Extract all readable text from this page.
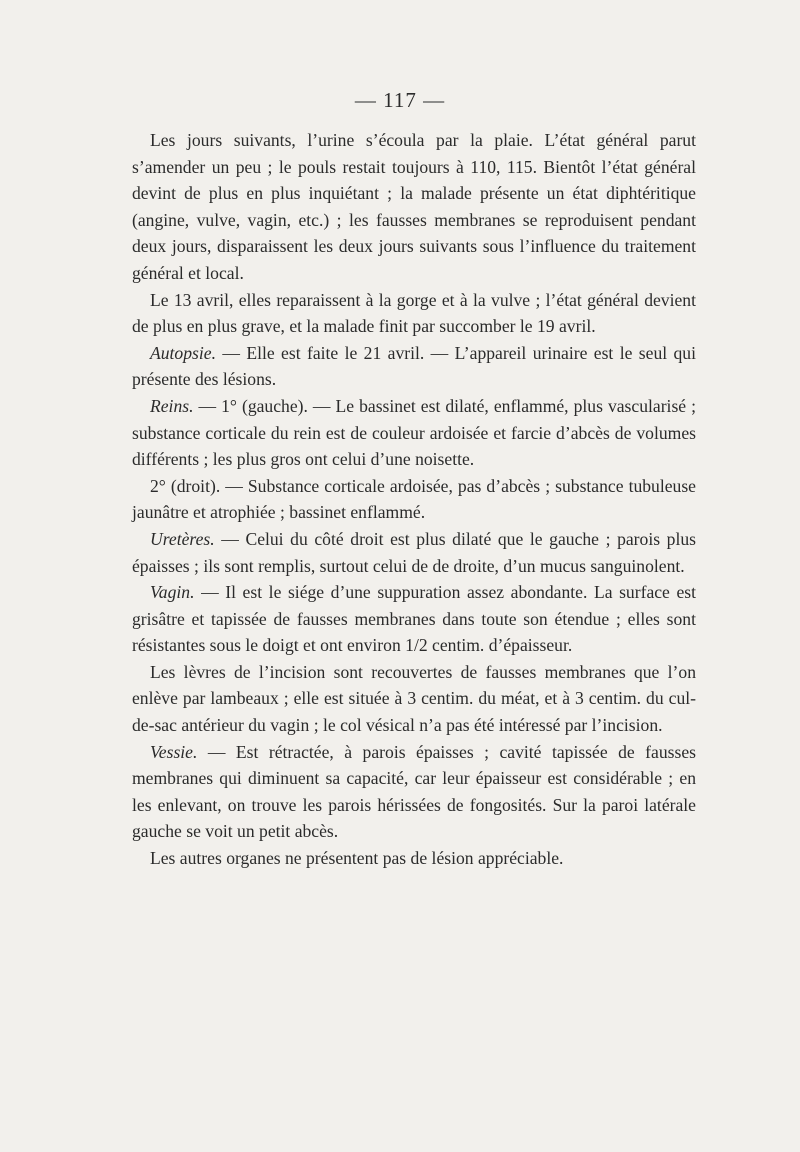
— 117 —

Les jours suivants, l’urine s’écoula par la plaie. L’état général parut s’amender un peu ; le pouls restait toujours à 110, 115. Bientôt l’état général devint de plus en plus inquiétant ; la malade présente un état diphtéritique (angine, vulve, vagin, etc.) ; les fausses membranes se reproduisent pendant deux jours, disparaissent les deux jours suivants sous l’influence du traitement général et local.

Le 13 avril, elles reparaissent à la gorge et à la vulve ; l’état général devient de plus en plus grave, et la malade finit par succomber le 19 avril.

Autopsie. — Elle est faite le 21 avril. — L’appareil urinaire est le seul qui présente des lésions.

Reins. — 1° (gauche). — Le bassinet est dilaté, enflammé, plus vascularisé ; substance corticale du rein est de couleur ardoisée et farcie d’abcès de volumes différents ; les plus gros ont celui d’une noisette.

2° (droit). — Substance corticale ardoisée, pas d’abcès ; substance tubuleuse jaunâtre et atrophiée ; bassinet enflammé.

Uretères. — Celui du côté droit est plus dilaté que le gauche ; parois plus épaisses ; ils sont remplis, surtout celui de de droite, d’un mucus sanguinolent.

Vagin. — Il est le siége d’une suppuration assez abondante. La surface est grisâtre et tapissée de fausses membranes dans toute son étendue ; elles sont résistantes sous le doigt et ont environ 1/2 centim. d’épaisseur.

Les lèvres de l’incision sont recouvertes de fausses membranes que l’on enlève par lambeaux ; elle est située à 3 centim. du méat, et à 3 centim. du cul-de-sac antérieur du vagin ; le col vésical n’a pas été intéressé par l’incision.

Vessie. — Est rétractée, à parois épaisses ; cavité tapissée de fausses membranes qui diminuent sa capacité, car leur épaisseur est considérable ; en les enlevant, on trouve les parois hérissées de fongosités. Sur la paroi latérale gauche se voit un petit abcès.

Les autres organes ne présentent pas de lésion appréciable.
